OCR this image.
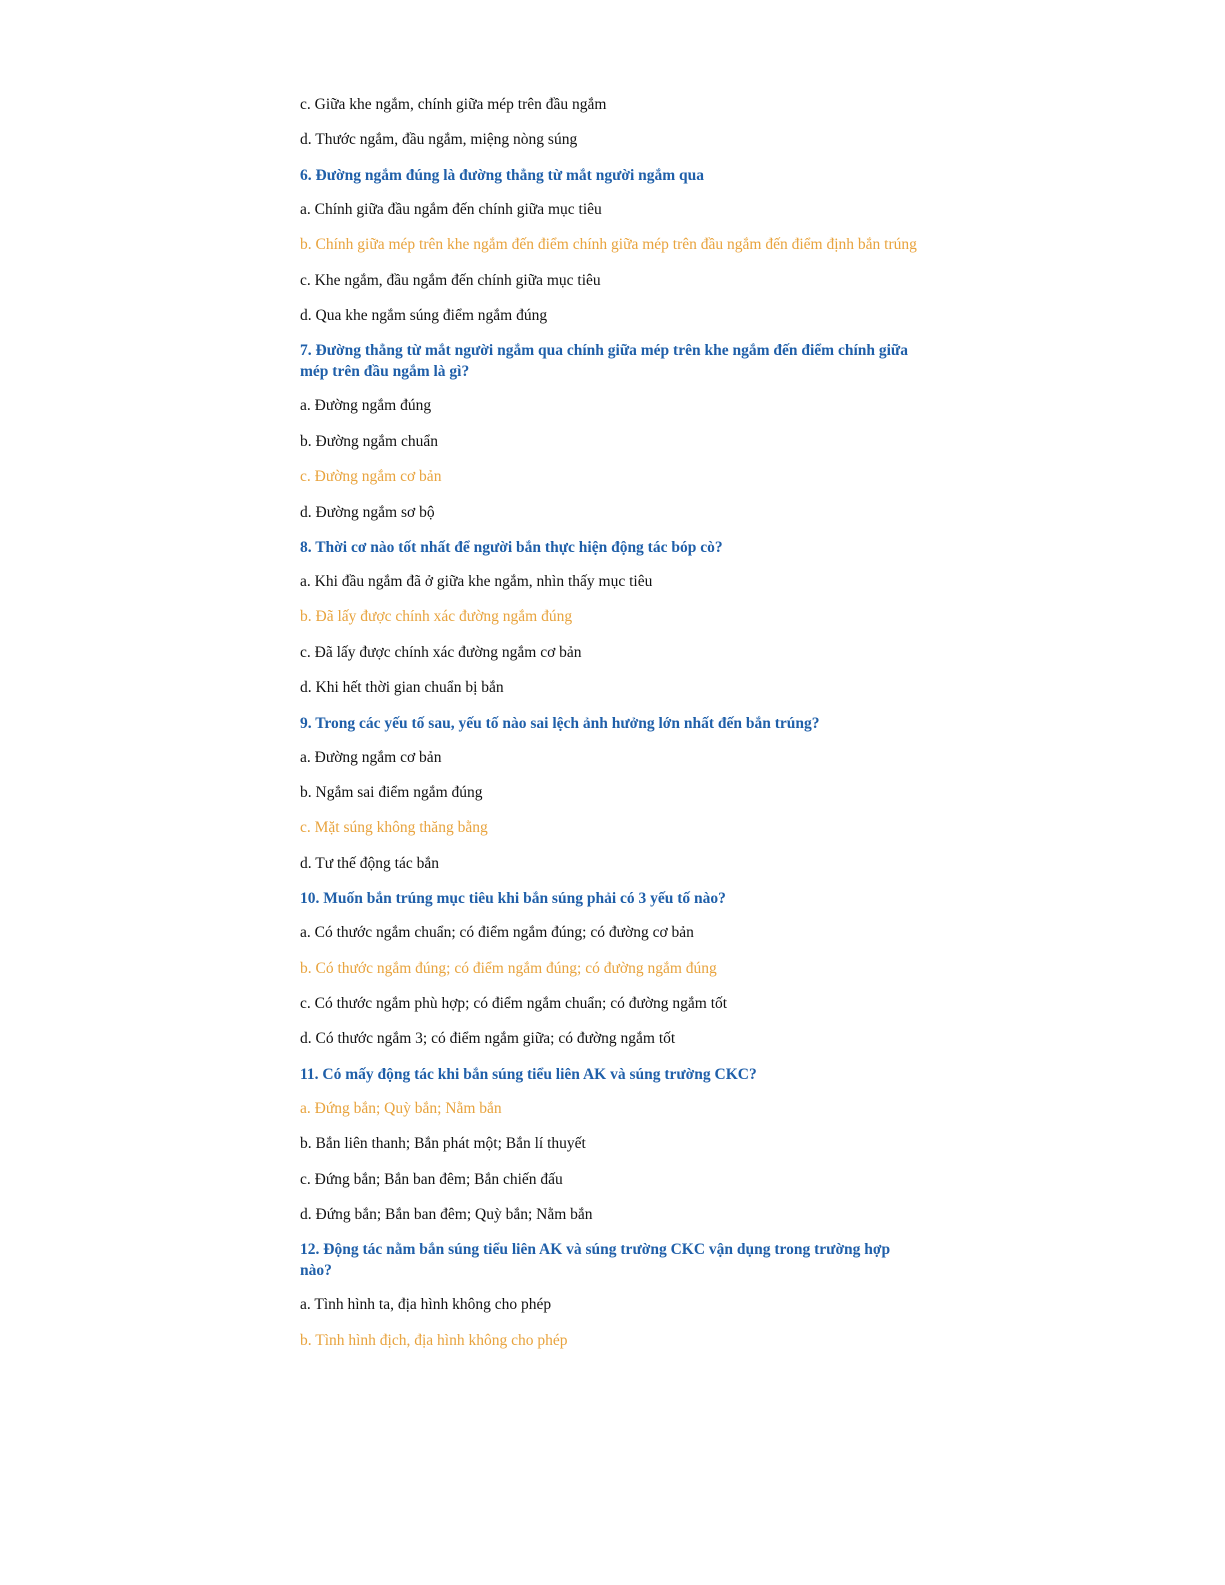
c. Giữa khe ngắm, chính giữa mép trên đầu ngắm

d. Thước ngắm, đầu ngắm, miệng nòng súng

6. Đường ngắm đúng là đường thẳng từ mắt người ngắm qua

a. Chính giữa đầu ngắm đến chính giữa mục tiêu

b. Chính giữa mép trên khe ngắm đến điểm chính giữa mép trên đầu ngắm đến điểm định bắn trúng

c. Khe ngắm, đầu ngắm đến chính giữa mục tiêu

d. Qua khe ngắm súng điểm ngắm đúng

7. Đường thẳng từ mắt người ngắm qua chính giữa mép trên khe ngắm đến điểm chính giữa mép trên đầu ngắm là gì?

a. Đường ngắm đúng

b. Đường ngắm chuẩn

c. Đường ngắm cơ bản

d. Đường ngắm sơ bộ

8. Thời cơ nào tốt nhất để người bắn thực hiện động tác bóp cò?

a. Khi đầu ngắm đã ở giữa khe ngắm, nhìn thấy mục tiêu

b. Đã lấy được chính xác đường ngắm đúng

c. Đã lấy được chính xác đường ngắm cơ bản

d. Khi hết thời gian chuẩn bị bắn

9. Trong các yếu tố sau, yếu tố nào sai lệch ảnh hưởng lớn nhất đến bắn trúng?

a. Đường ngắm cơ bản

b. Ngắm sai điểm ngắm đúng

c. Mặt súng không thăng bằng

d. Tư thế động tác bắn

10. Muốn bắn trúng mục tiêu khi bắn súng phải có 3 yếu tố nào?

a. Có thước ngắm chuẩn; có điểm ngắm đúng; có đường cơ bản

b. Có thước ngắm đúng; có điểm ngắm đúng; có đường ngắm đúng

c. Có thước ngắm phù hợp; có điểm ngắm chuẩn; có đường ngắm tốt

d. Có thước ngắm 3; có điểm ngắm giữa; có đường ngắm tốt

11. Có mấy động tác khi bắn súng tiểu liên AK và súng trường CKC?

a. Đứng bắn; Quỳ bắn; Nằm bắn

b. Bắn liên thanh; Bắn phát một; Bắn lí thuyết

c. Đứng bắn; Bắn ban đêm; Bắn chiến đấu

d. Đứng bắn; Bắn ban đêm; Quỳ bắn; Nằm bắn

12. Động tác nằm bắn súng tiểu liên AK và súng trường CKC vận dụng trong trường hợp nào?

a. Tình hình ta, địa hình không cho phép

b. Tình hình địch, địa hình không cho phép
